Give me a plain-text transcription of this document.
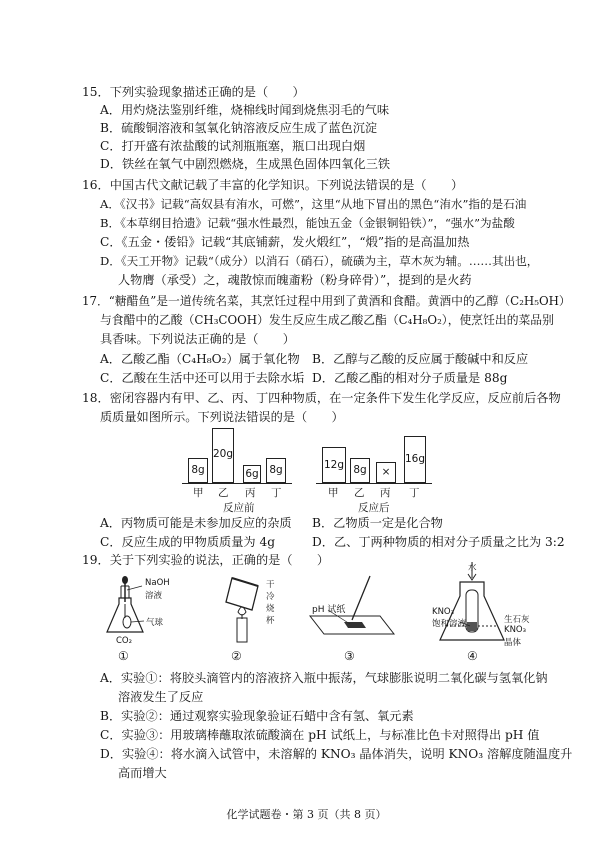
15．下列实验现象描述正确的是（　　）
A．用灼烧法鉴别纤维，烧棉线时闻到烧焦羽毛的气味
B．硫酸铜溶液和氢氧化钠溶液反应生成了蓝色沉淀
C．打开盛有浓盐酸的试剂瓶瓶塞，瓶口出现白烟
D．铁丝在氧气中剧烈燃烧，生成黑色固体四氧化三铁
16．中国古代文献记载了丰富的化学知识。下列说法错误的是（　　）
A．《汉书》记载“高奴县有洧水，可燃”，这里“从地下冒出的黑色“洧水”指的是石油
B．《本草纲目拾遗》记载“强水性最烈，能蚀五金（金银铜铅铁）”，“强水”为盐酸
C．《五金・倭铅》记载“其底铺薪，发火煅红”，“煅”指的是高温加热
D．《天工开物》记载“（成分）以消石（硝石），硫磺为主，草木灰为辅。……其出也，
人物膺（承受）之，魂散惊而魄齑粉（粉身碎骨）”，提到的是火药
17．“糖醋鱼”是一道传统名菜，其烹饪过程中用到了黄酒和食醋。黄酒中的乙醇（C₂H₅OH）
与食醋中的乙酸（CH₃COOH）发生反应生成乙酸乙酯（C₄H₈O₂），使烹饪出的菜品别
具香味。下列说法正确的是（　　）
A．乙酸乙酯（C₄H₈O₂）属于氧化物 B．乙醇与乙酸的反应属于酸碱中和反应
C．乙酸在生活中还可以用于去除水垢 D．乙酸乙酯的相对分子质量是 88g
18．密闭容器内有甲、乙、丙、丁四种物质，在一定条件下发生化学反应，反应前后各物
质质量如图所示。下列说法错误的是（　　）
8g
20g
6g	8g
甲 乙 丙 丁
反应前
12g 8g	×
16g
甲 乙 丙 丁
反应后
A．丙物质可能是未参加反应的杂质 B．乙物质一定是化合物
C．反应生成的甲物质质量为 4g	D．乙、丁两种物质的相对分子质量之比为 3:2
19．关于下列实验的说法，正确的是（　　）
NaOH
溶液
气球
CO₂
①
干
冷
烧
杯
②
pH 试纸
③
水
KNO₃
饱和溶液	生石灰
KNO₃
晶体
④
A．实验①：将胶头滴管内的溶液挤入瓶中振荡，气球膨胀说明二氧化碳与氢氧化钠
溶液发生了反应
B．实验②：通过观察实验现象验证石蜡中含有氢、氧元素
C．实验③：用玻璃棒蘸取浓硫酸滴在 pH 试纸上，与标准比色卡对照得出 pH 值
D．实验④：将水滴入试管中，未溶解的 KNO₃ 晶体消失，说明 KNO₃ 溶解度随温度升
高而增大
化学试题卷・第 3 页（共 8 页）
